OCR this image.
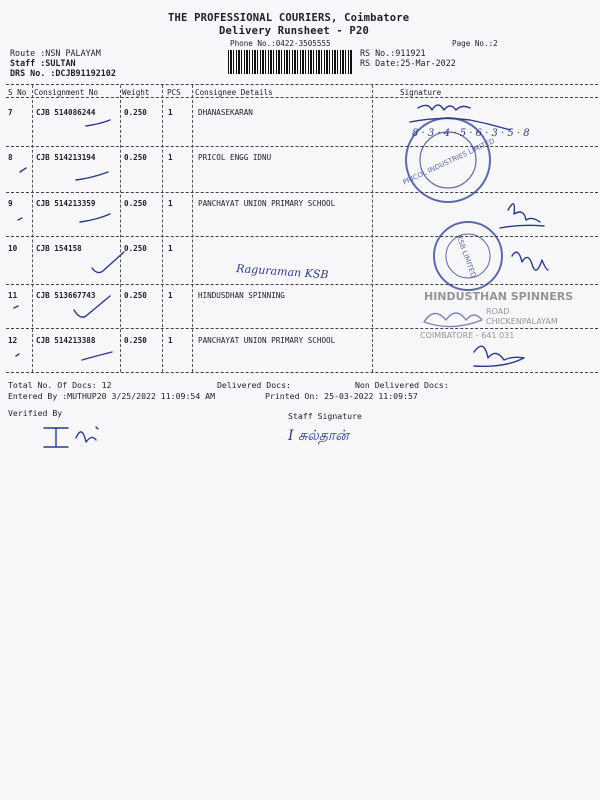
THE PROFESSIONAL COURIERS, Coimbatore
Delivery Runsheet - P20
Phone No.:0422-3505555	Page No.:2
Route :NSN PALAYAM
Staff :SULTAN
DRS No. :DCJB91192102
RS No.:911921
RS Date:25-Mar-2022
S No Consignment No	Weight PCS Consignee Details	Signature
7	CJB 514086244	0.250	1	DHANASEKARAN
8	CJB 514213194	0.250	1	PRICOL ENGG IDNU
9	CJB 514213359	0.250	1	PANCHAYAT UNION PRIMARY SCHOOL
10 CJB 154158	0.250	1
11 CJB 513667743	0.250	1	HINDUSDHAN SPINNING
12 CJB 514213388	0.250	1	PANCHAYAT UNION PRIMARY SCHOOL
Raguraman KSB
PRICOL INDUSTRIES LIMITED
8 · 3 · 4 · 5 · 6 · 3 · 5 · 8
KSB LIMITED
HINDUSTHAN SPINNERS
ROAD
CHICKENPALAYAM
COIMBATORE - 641 031
I சுல்தான்
Total No. Of Docs: 12	Delivered Docs:	Non Delivered Docs:
Entered By :MUTHUP20 3/25/2022 11:09:54 AM	Printed On: 25-03-2022 11:09:57
Verified By	Staff Signature
